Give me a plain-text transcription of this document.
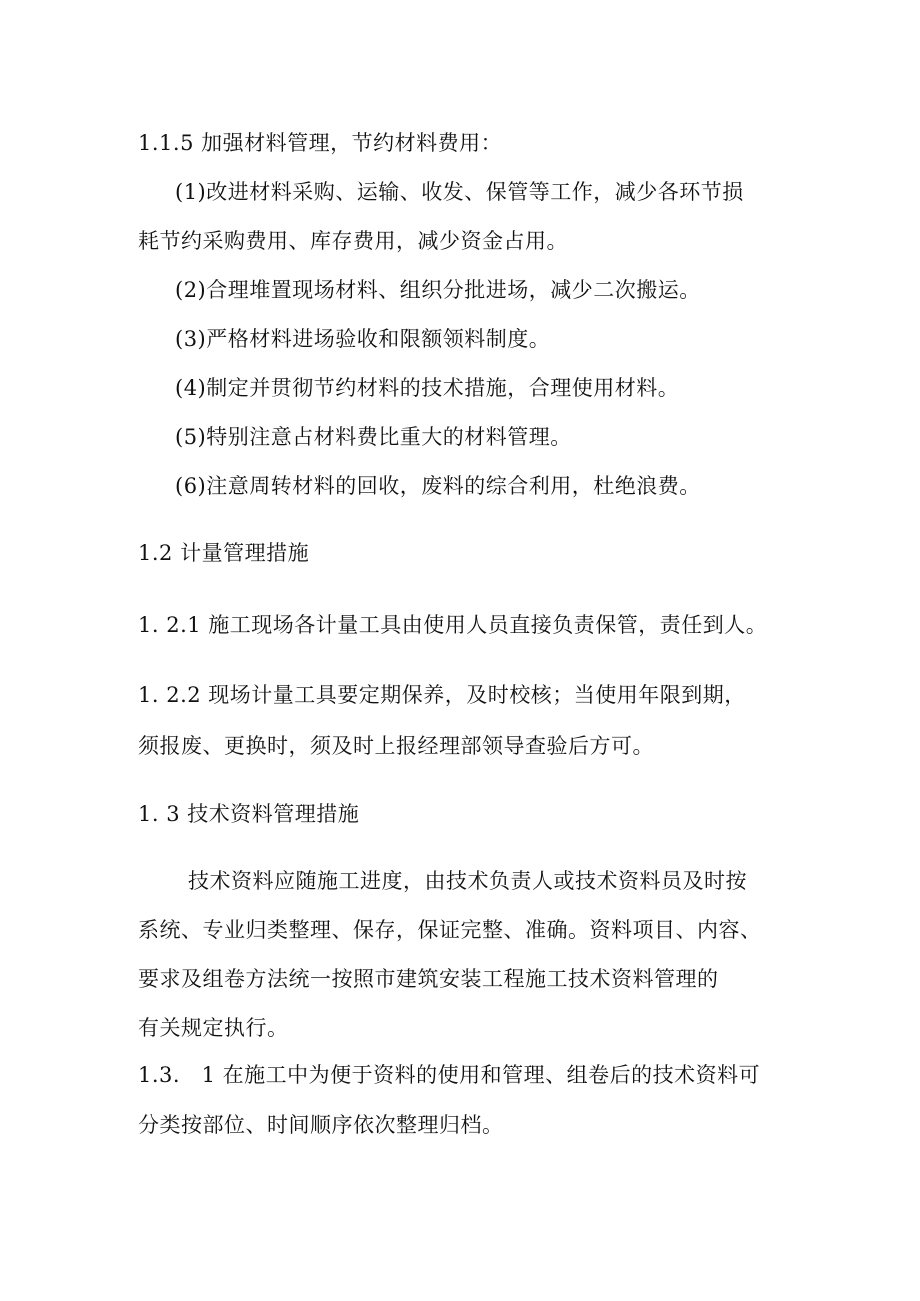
1.1.5 加强材料管理，节约材料费用：

(1)改进材料采购、运输、收发、保管等工作，减少各环节损

耗节约采购费用、库存费用，减少资金占用。

(2)合理堆置现场材料、组织分批进场，减少二次搬运。

(3)严格材料进场验收和限额领料制度。

(4)制定并贯彻节约材料的技术措施，合理使用材料。

(5)特别注意占材料费比重大的材料管理。

(6)注意周转材料的回收，废料的综合利用，杜绝浪费。

1.2 计量管理措施

1. 2.1 施工现场各计量工具由使用人员直接负责保管，责任到人。

1. 2.2 现场计量工具要定期保养，及时校核；当使用年限到期，

须报废、更换时，须及时上报经理部领导查验后方可。

1. 3 技术资料管理措施

技术资料应随施工进度，由技术负责人或技术资料员及时按

系统、专业归类整理、保存，保证完整、准确。资料项目、内容、

要求及组卷方法统一按照市建筑安装工程施工技术资料管理的

有关规定执行。

1.3.　1 在施工中为便于资料的使用和管理、组卷后的技术资料可

分类按部位、时间顺序依次整理归档。
